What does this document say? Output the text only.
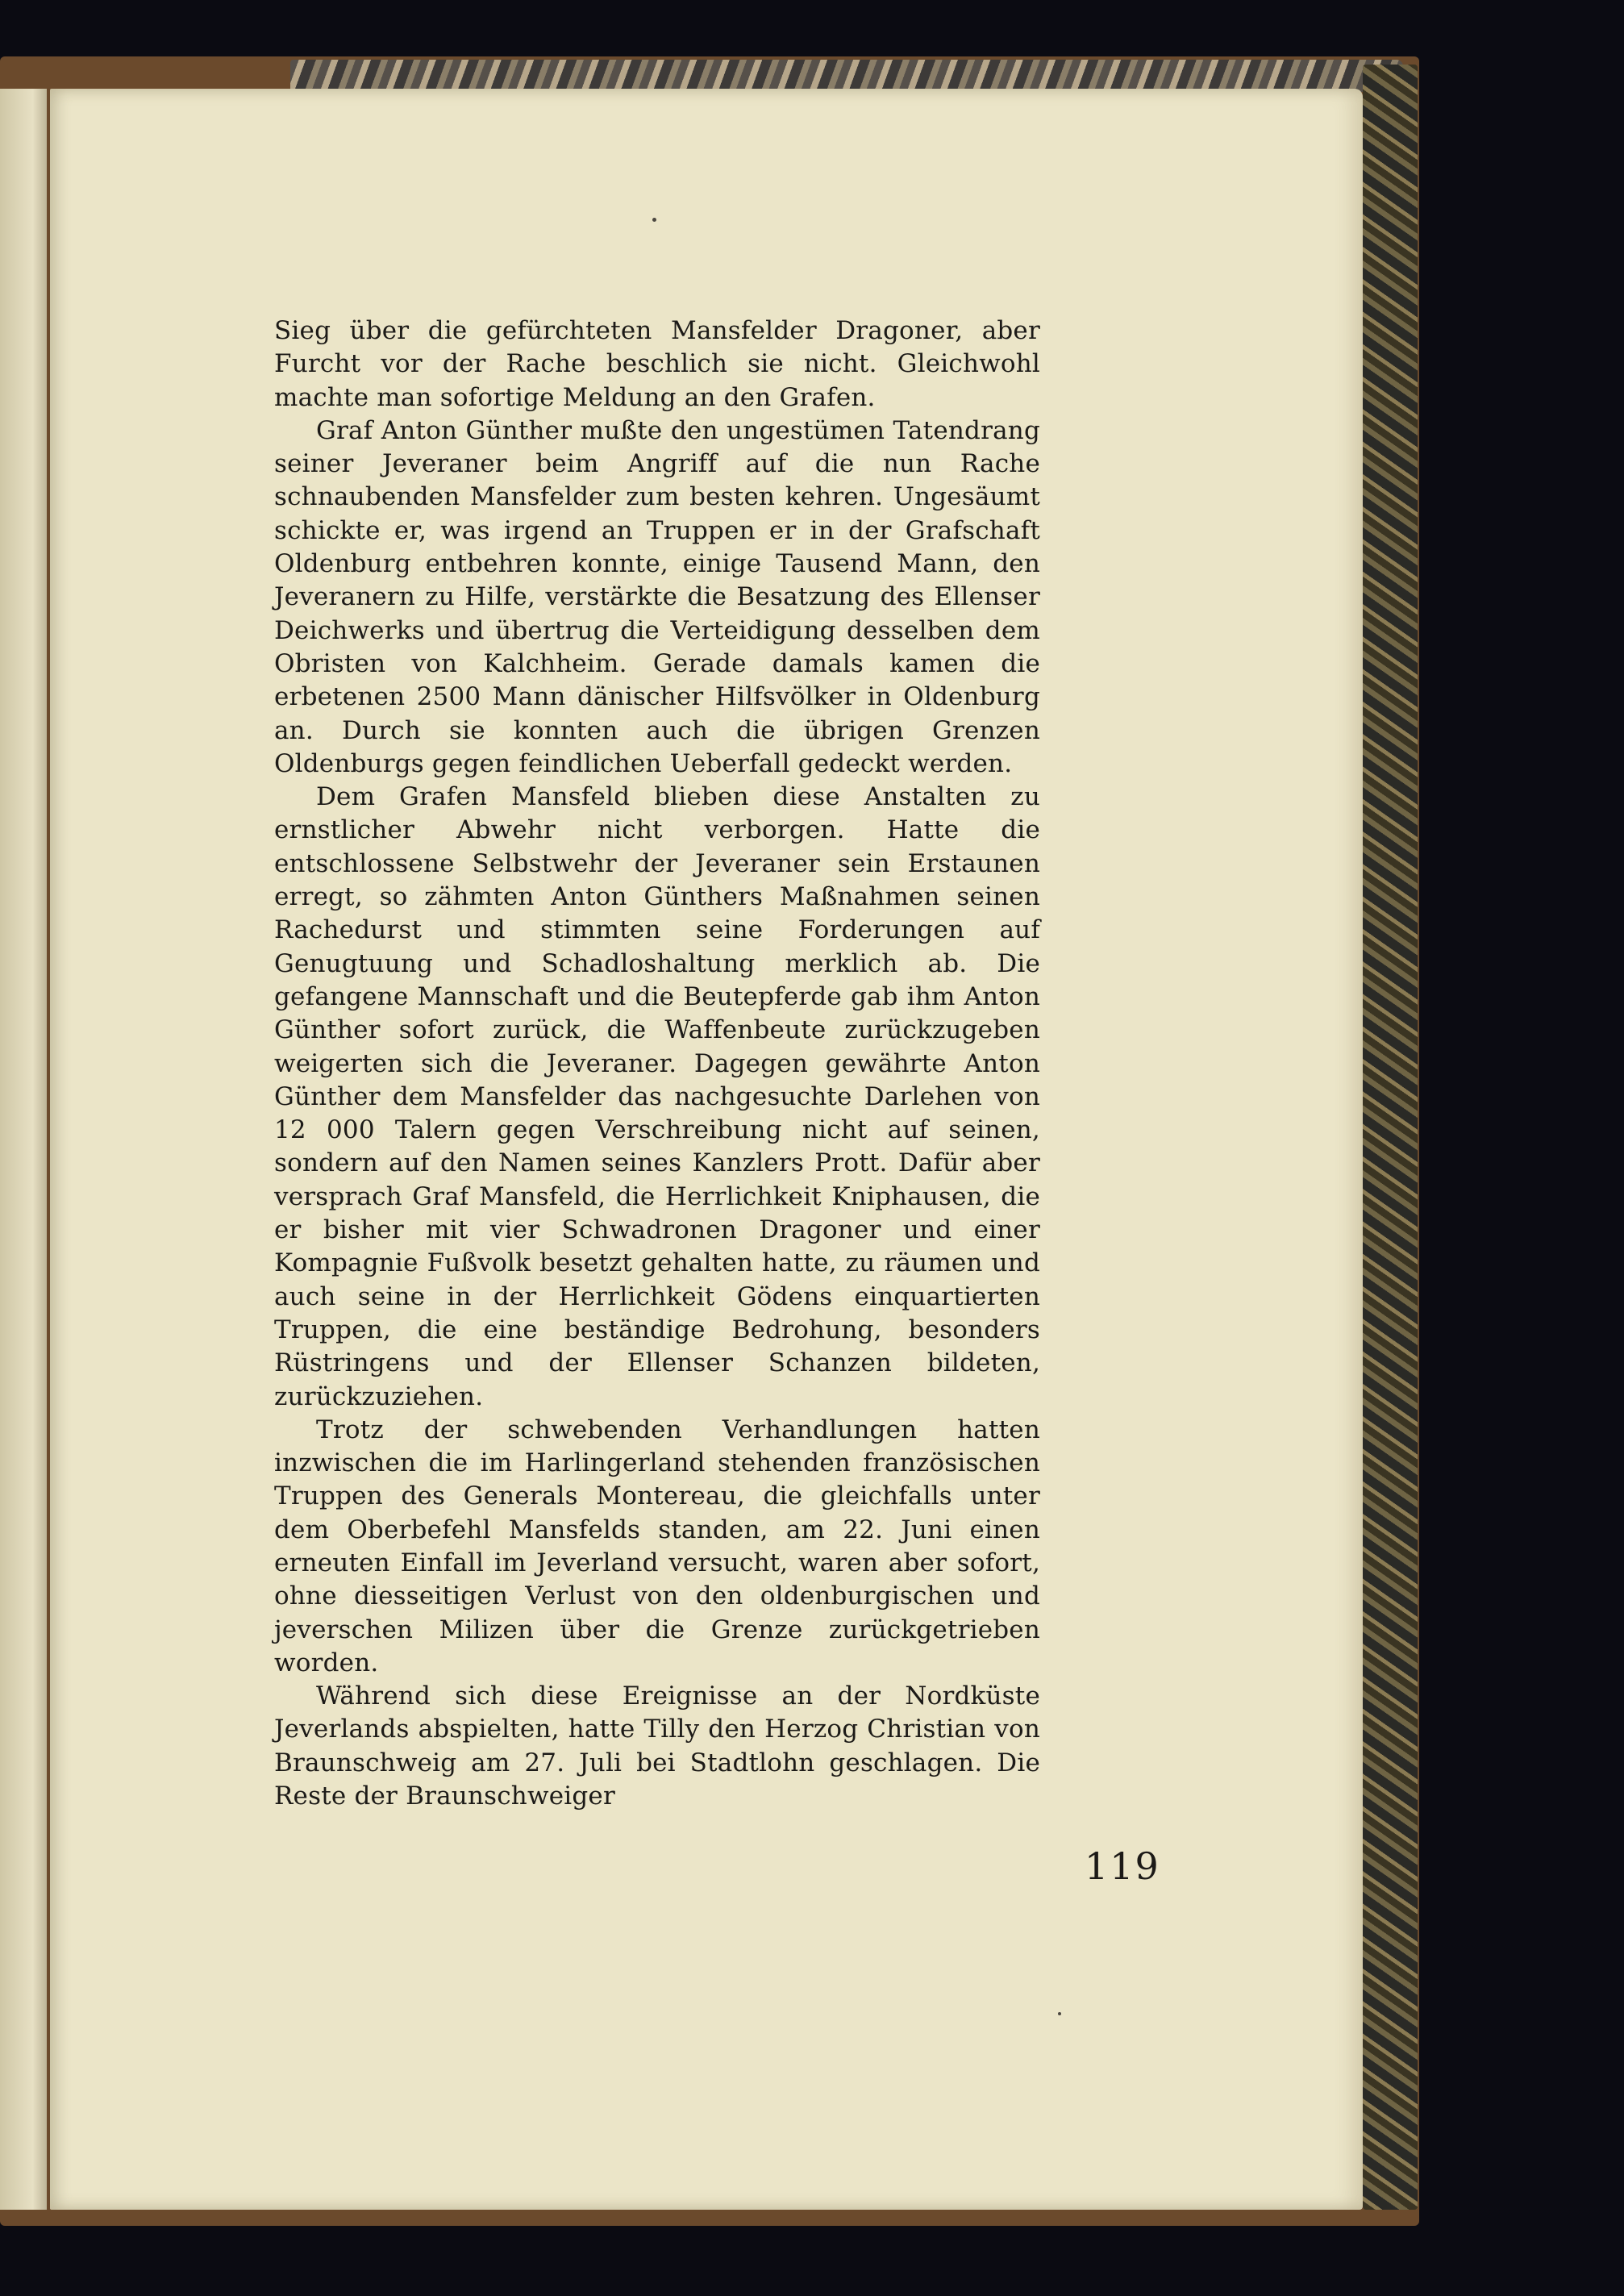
Sieg über die gefürchteten Mansfelder Dragoner, aber Furcht vor der Rache beschlich sie nicht. Gleichwohl machte man sofortige Meldung an den Grafen.

Graf Anton Günther mußte den ungestümen Tatendrang seiner Jeveraner beim Angriff auf die nun Rache schnaubenden Mansfelder zum besten kehren. Ungesäumt schickte er, was irgend an Truppen er in der Grafschaft Oldenburg entbehren konnte, einige Tausend Mann, den Jeveranern zu Hilfe, verstärkte die Besatzung des Ellenser Deichwerks und übertrug die Verteidigung desselben dem Obristen von Kalchheim. Gerade damals kamen die erbetenen 2500 Mann dänischer Hilfsvölker in Oldenburg an. Durch sie konnten auch die übrigen Grenzen Oldenburgs gegen feindlichen Ueberfall gedeckt werden.

Dem Grafen Mansfeld blieben diese Anstalten zu ernstlicher Abwehr nicht verborgen. Hatte die entschlossene Selbstwehr der Jeveraner sein Erstaunen erregt, so zähmten Anton Günthers Maßnahmen seinen Rachedurst und stimmten seine Forderungen auf Genugtuung und Schadloshaltung merklich ab. Die gefangene Mannschaft und die Beutepferde gab ihm Anton Günther sofort zurück, die Waffenbeute zurückzugeben weigerten sich die Jeveraner. Dagegen gewährte Anton Günther dem Mansfelder das nachgesuchte Darlehen von 12 000 Talern gegen Verschreibung nicht auf seinen, sondern auf den Namen seines Kanzlers Prott. Dafür aber versprach Graf Mansfeld, die Herrlichkeit Kniphausen, die er bisher mit vier Schwadronen Dragoner und einer Kompagnie Fußvolk besetzt gehalten hatte, zu räumen und auch seine in der Herrlichkeit Gödens einquartierten Truppen, die eine beständige Bedrohung, besonders Rüstringens und der Ellenser Schanzen bildeten, zurückzuziehen.

Trotz der schwebenden Verhandlungen hatten inzwischen die im Harlingerland stehenden französischen Truppen des Generals Montereau, die gleichfalls unter dem Oberbefehl Mansfelds standen, am 22. Juni einen erneuten Einfall im Jeverland versucht, waren aber sofort, ohne diesseitigen Verlust von den oldenburgischen und jeverschen Milizen über die Grenze zurückgetrieben worden.

Während sich diese Ereignisse an der Nordküste Jeverlands abspielten, hatte Tilly den Herzog Christian von Braunschweig am 27. Juli bei Stadtlohn geschlagen. Die Reste der Braunschweiger

119
